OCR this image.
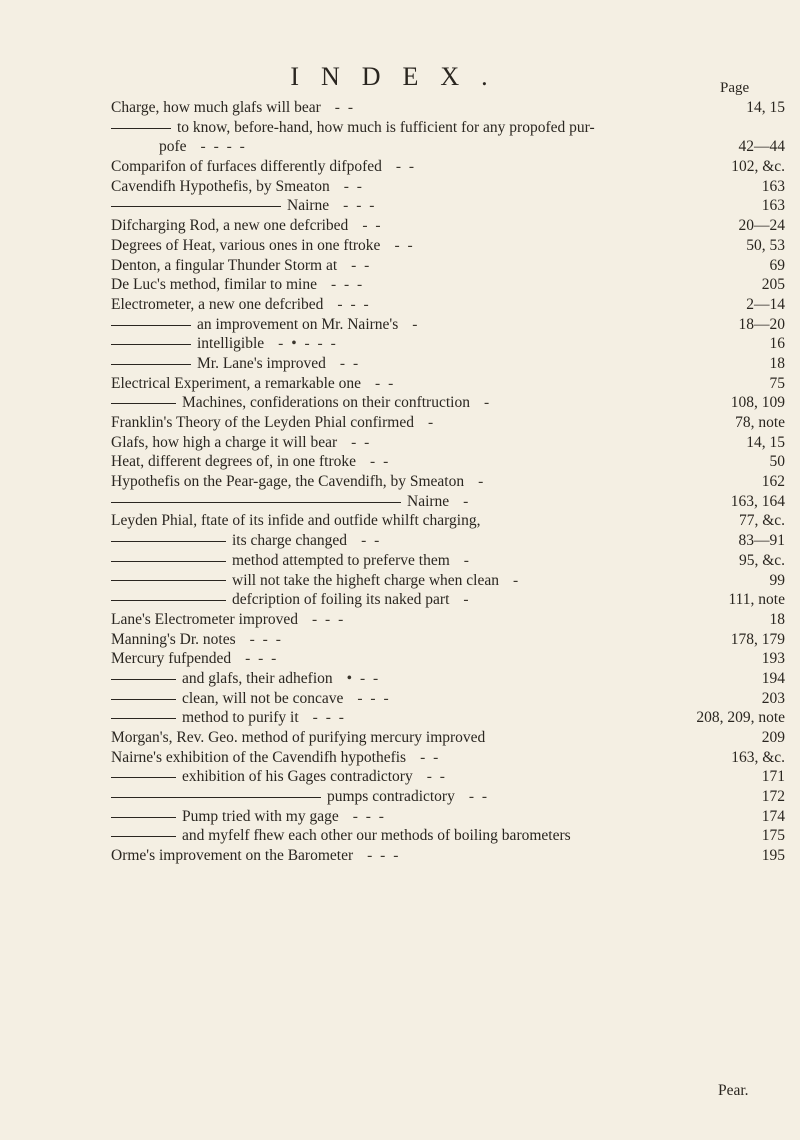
INDEX.	Page
Charge, how much glafs will bear - -	14, 15
to know, before-hand, how much is fufficient for any propofed pur-
pofe - - - -	42—44
Comparifon of furfaces differently difpofed - -	102, &c.
Cavendifh Hypothefis, by Smeaton - -	163
Nairne - - -	163
Difcharging Rod, a new one defcribed - -	20—24
Degrees of Heat, various ones in one ftroke - -	50, 53
Denton, a fingular Thunder Storm at - -	69
De Luc's method, fimilar to mine - - -	205
Electrometer, a new one defcribed - - -	2—14
an improvement on Mr. Nairne's -	18—20
intelligible - • - - -	16
Mr. Lane's improved - -	18
Electrical Experiment, a remarkable one - -	75
Machines, confiderations on their conftruction -	108, 109
Franklin's Theory of the Leyden Phial confirmed -	78, note
Glafs, how high a charge it will bear - -	14, 15
Heat, different degrees of, in one ftroke - -	50
Hypothefis on the Pear-gage, the Cavendifh, by Smeaton -	162
Nairne -	163, 164
Leyden Phial, ftate of its infide and outfide whilft charging,	77, &c.
its charge changed - -	83—91
method attempted to preferve them -	95, &c.
will not take the higheft charge when clean -	99
defcription of foiling its naked part -	111, note
Lane's Electrometer improved - - -	18
Manning's Dr. notes - - -	178, 179
Mercury fufpended - - -	193
and glafs, their adhefion • - -	194
clean, will not be concave - - -	203
method to purify it - - -	208, 209, note
Morgan's, Rev. Geo. method of purifying mercury improved	209
Nairne's exhibition of the Cavendifh hypothefis - -	163, &c.
exhibition of his Gages contradictory - -	171
pumps contradictory - -	172
Pump tried with my gage - - -	174
and myfelf fhew each other our methods of boiling barometers	175
Orme's improvement on the Barometer - - -	195
Pear.
